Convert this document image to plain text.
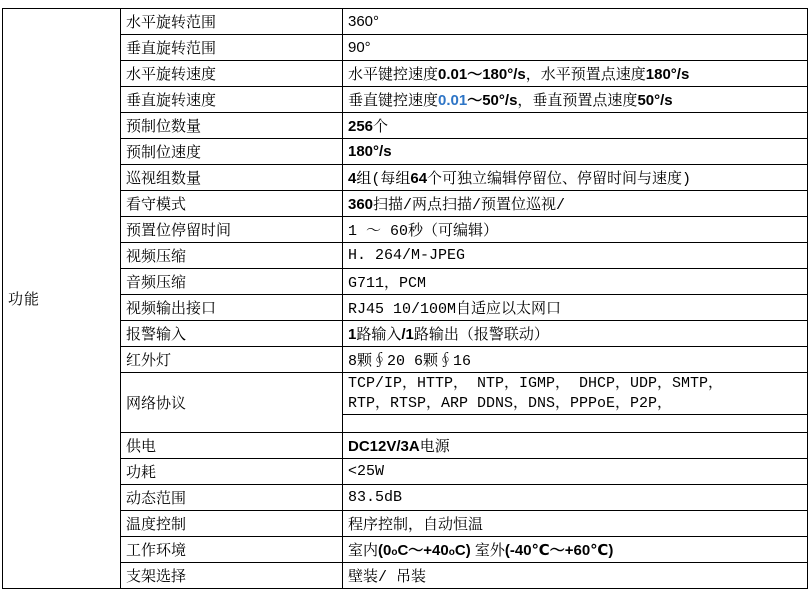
功能	水平旋转范围	360°
	垂直旋转范围	90°
	水平旋转速度	水平键控速度0.01～180°/s，水平预置点速度180°/s
	垂直旋转速度	垂直键控速度0.01～50°/s，垂直预置点速度50°/s
	预制位数量	256个
	预制位速度	180°/s
	巡视组数量	4组(每组64个可独立编辑停留位、停留时间与速度)
	看守模式	360扫描/两点扫描/预置位巡视/
	预置位停留时间	1 ～ 60秒（可编辑）
	视频压缩	H. 264/M-JPEG
	音频压缩	G711，PCM
	视频输出接口	RJ45 10/100M自适应以太网口
	报警输入	1路输入/1路输出（报警联动）
	红外灯	8颗∮20 6颗∮16
	网络协议	TCP/IP，HTTP， NTP，IGMP， DHCP，UDP，SMTP，
RTP，RTSP，ARP DDNS，DNS，PPPoE，P2P，

	供电	DC12V/3A电源
	功耗	<25W
	动态范围	83.5dB
	温度控制	程序控制，自动恒温
	工作环境	室内(0oC～+40oC) 室外(-40℃～+60℃)
	支架选择	壁装/ 吊装
